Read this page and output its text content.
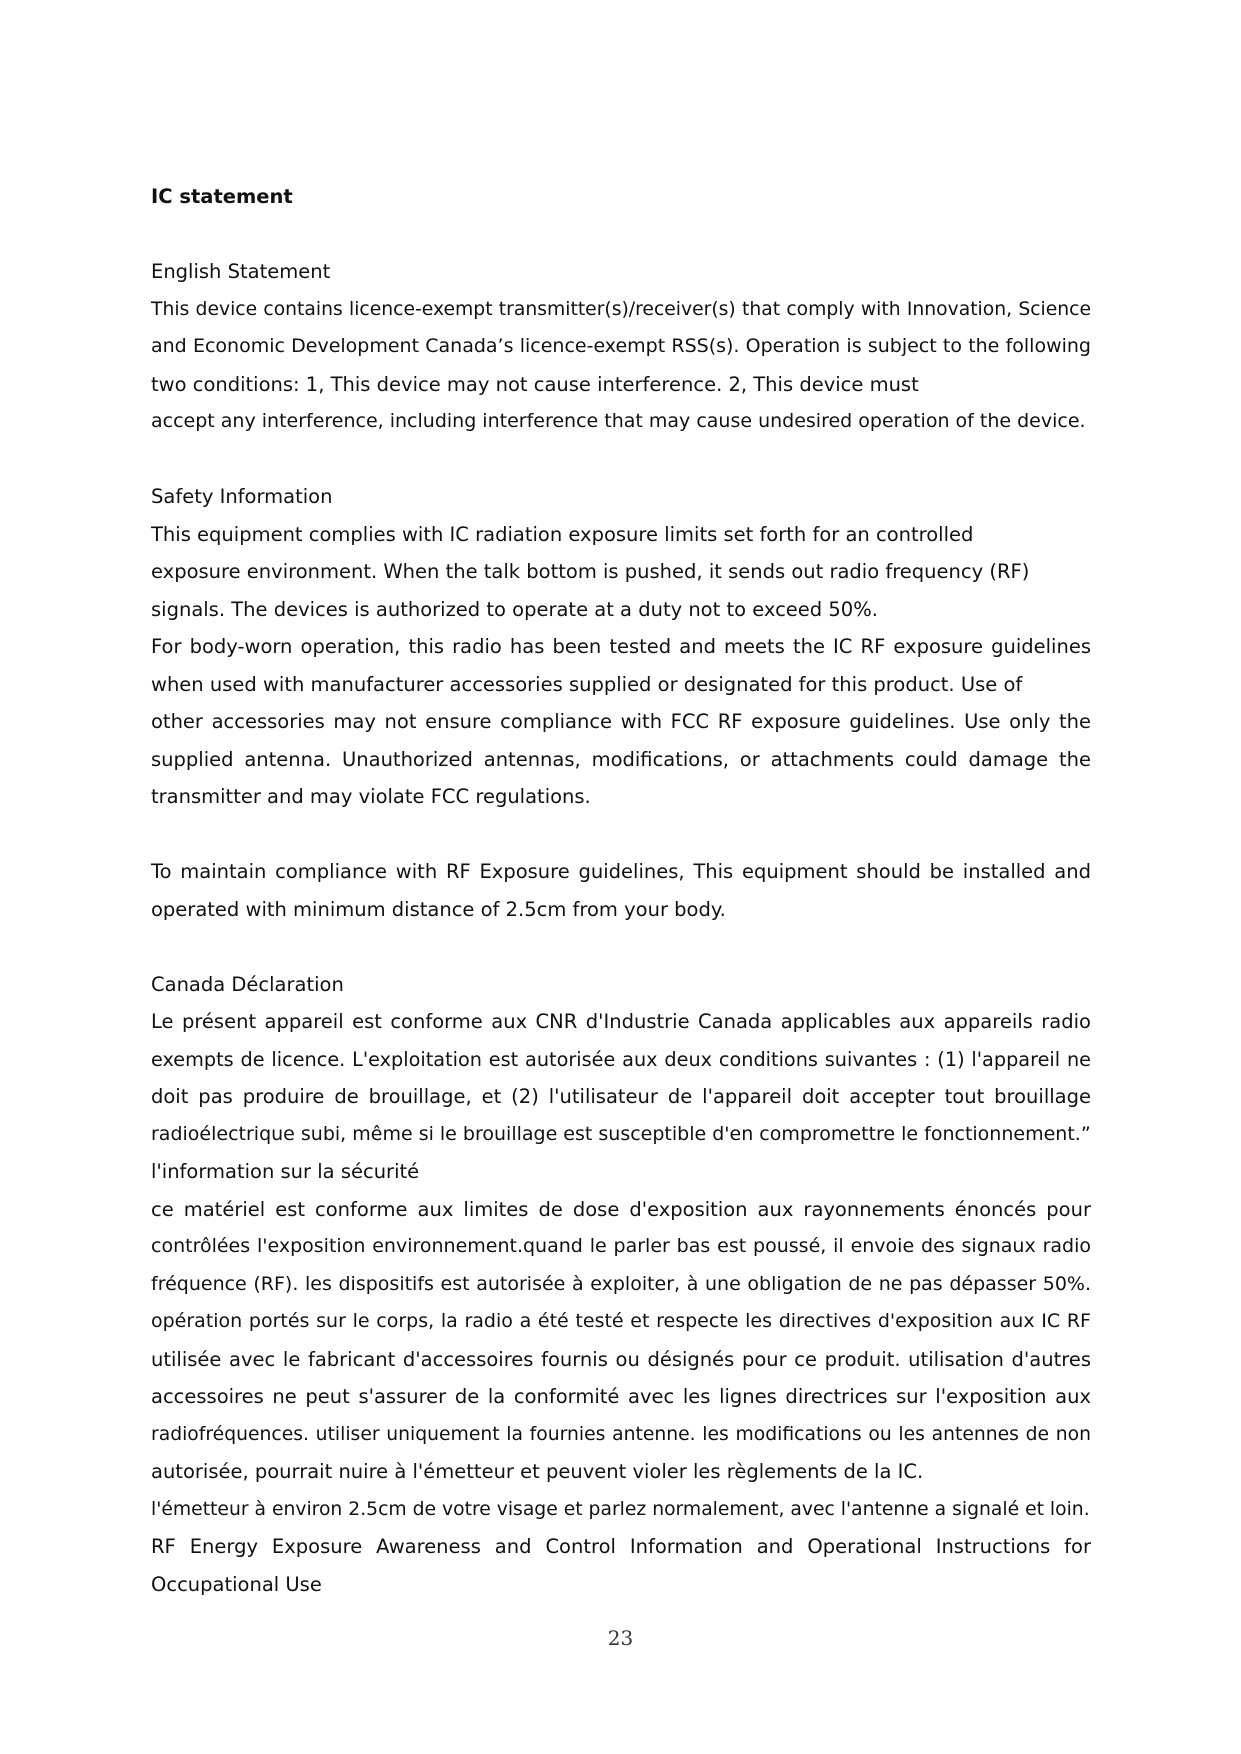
IC statement
English Statement
This device contains licence-exempt transmitter(s)/receiver(s) that comply with Innovation, Science
and Economic Development Canada’s licence-exempt RSS(s). Operation is subject to the following
two conditions: 1, This device may not cause interference. 2, This device must
accept any interference, including interference that may cause undesired operation of the device.
Safety Information
This equipment complies with IC radiation exposure limits set forth for an controlled
exposure environment. When the talk bottom is pushed, it sends out radio frequency (RF)
signals. The devices is authorized to operate at a duty not to exceed 50%.
For body-worn operation, this radio has been tested and meets the IC RF exposure guidelines
when used with manufacturer accessories supplied or designated for this product. Use of
other accessories may not ensure compliance with FCC RF exposure guidelines. Use only the
supplied antenna. Unauthorized antennas, modifications, or attachments could damage the
transmitter and may violate FCC regulations.
To maintain compliance with RF Exposure guidelines, This equipment should be installed and
operated with minimum distance of 2.5cm from your body.
Canada Déclaration
Le présent appareil est conforme aux CNR d'Industrie Canada applicables aux appareils radio
exempts de licence. L'exploitation est autorisée aux deux conditions suivantes : (1) l'appareil ne
doit pas produire de brouillage, et (2) l'utilisateur de l'appareil doit accepter tout brouillage
radioélectrique subi, même si le brouillage est susceptible d'en compromettre le fonctionnement.”
l'information sur la sécurité
ce matériel est conforme aux limites de dose d'exposition aux rayonnements énoncés pour
contrôlées l'exposition environnement.quand le parler bas est poussé, il envoie des signaux radio
fréquence (RF). les dispositifs est autorisée à exploiter, à une obligation de ne pas dépasser 50%.
opération portés sur le corps, la radio a été testé et respecte les directives d'exposition aux IC RF
utilisée avec le fabricant d'accessoires fournis ou désignés pour ce produit. utilisation d'autres
accessoires ne peut s'assurer de la conformité avec les lignes directrices sur l'exposition aux
radiofréquences. utiliser uniquement la fournies antenne. les modifications ou les antennes de non
autorisée, pourrait nuire à l'émetteur et peuvent violer les règlements de la IC.
l'émetteur à environ 2.5cm de votre visage et parlez normalement, avec l'antenne a signalé et loin.
RF Energy Exposure Awareness and Control Information and Operational Instructions for
Occupational Use
23
